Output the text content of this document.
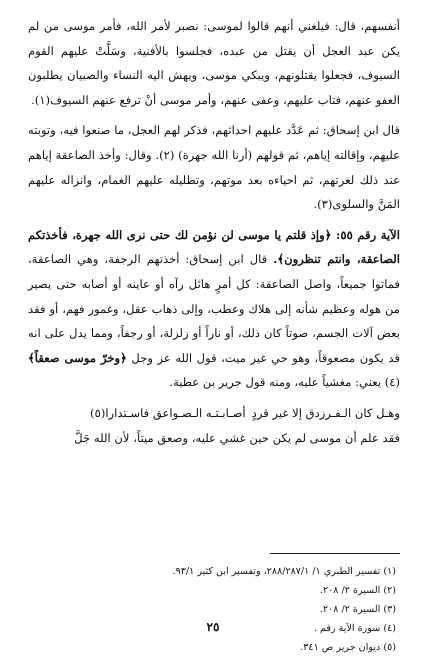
أنفسهم، قال: فيلغني أنهم قالوا لموسى: نصبر لأمر الله، فأمر موسى من لم يكن عبد العجل أن يقتل من عبده، فجلسوا بالأفنية، وسَلَّتْ عليهم القوم السيوف، فجعلوا يقتلونهم، ويبكي موسى، ويهش اليه النساء والصبيان يطلبون العفو عنهم، فتاب عليهم، وعفى عنهم، وأمر موسى أنْ ترفع عنهم السيوف(١).

قال ابن إسحاق: ثم عَدَّد عليهم احداثهم، فذكر لهم العجل، ما صنعوا فيه، وتوبته عليهم، وإقالته إياهم، ثم قولهم (أرنا الله جهرة) (٢). وقال: وأخذ الصاعقة إياهم عند ذلك لغرتهم، ثم احياءه بعد موتهم، وتظليله عليهم الغمام، وانزاله عليهم المَنَّ والسلوى(٣).

الآية رقم ٥٥: ﴿وإذ قلتم يا موسى لن نؤمن لك حتى نرى الله جهرة، فأخذتكم الصاعقة، وانتم تنظرون﴾. قال ابن إسحاق: أخذتهم الرجفة، وهي الصاعقة، فماتوا جميعاً، واصل الصاعقة: كل أمرٍ هائل رآه أو عاينه أو أصابه حتى يصير من هوله وعظيم شأنه إلى هلاك وعطب، وإلى ذهاب عقل، وغمور فهم، أو فقد بعض آلات الجسم، صوتاً كان ذلك، أو ناراً أو زلزلة، أو رجفاً، ومما يدل على انه قد يكون مصعوقاً، وهو حي غير ميت، قول الله عز وجل ﴿وخرّ موسى صعقاً﴾(٤) يعني: مغشياً عليه، ومنه قول جرير بن عطية.

وهـل كان الـفـرزدق إلا غير قردٍ
أصـابـتـه الـصـواعق فاسـتدارا(٥)

فقد علم أن موسى لم يكن حين غشي عليه، وصعق ميتاً، لأن الله جَلَّ

(١) تفسير الطبري ١/ ٢٨٨/٢٨٧/١، وتفسير ابن كثير ٩٣/١.
(٢) السيرة ٢/ ٢٠٨.
(٣) السيرة ٢/ ٢٠٨.
(٤) سورة الآية رقم .
(٥) ديوان جرير ص ٣٤١.
٢٥
